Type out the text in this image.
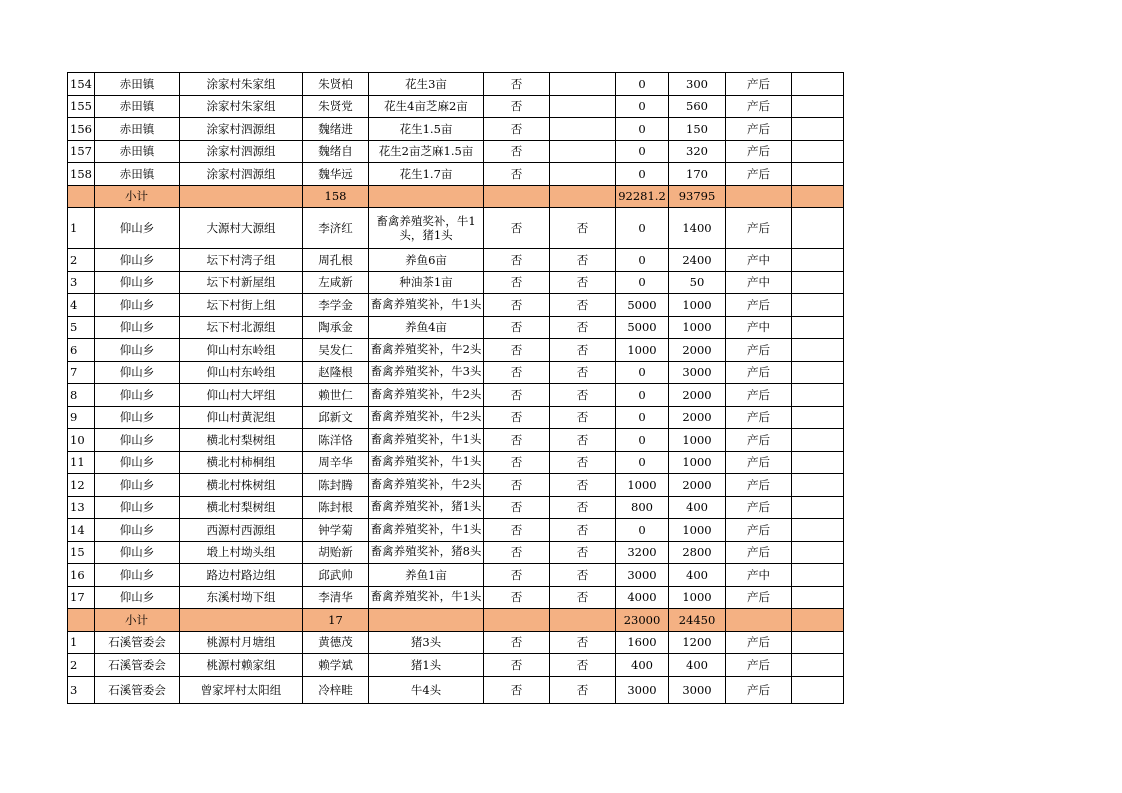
154	赤田镇	涂家村朱家组	朱贤柏	花生3亩	否		0	300	产后	
155	赤田镇	涂家村朱家组	朱贤党	花生4亩芝麻2亩	否		0	560	产后	
156	赤田镇	涂家村泗源组	魏绪进	花生1.5亩	否		0	150	产后	
157	赤田镇	涂家村泗源组	魏绪自	花生2亩芝麻1.5亩	否		0	320	产后	
158	赤田镇	涂家村泗源组	魏华远	花生1.7亩	否		0	170	产后	
	小计		158				92281.2	93795		
1	仰山乡	大源村大源组	李济红	畜禽养殖奖补，牛1头，猪1头	否	否	0	1400	产后	
2	仰山乡	坛下村湾子组	周孔根	养鱼6亩	否	否	0	2400	产中	
3	仰山乡	坛下村新屋组	左咸新	种油茶1亩	否	否	0	50	产中	
4	仰山乡	坛下村街上组	李学金	畜禽养殖奖补，牛1头	否	否	5000	1000	产后	
5	仰山乡	坛下村北源组	陶承金	养鱼4亩	否	否	5000	1000	产中	
6	仰山乡	仰山村东岭组	吴发仁	畜禽养殖奖补，牛2头	否	否	1000	2000	产后	
7	仰山乡	仰山村东岭组	赵隆根	畜禽养殖奖补，牛3头	否	否	0	3000	产后	
8	仰山乡	仰山村大坪组	赖世仁	畜禽养殖奖补，牛2头	否	否	0	2000	产后	
9	仰山乡	仰山村黄泥组	邱新文	畜禽养殖奖补，牛2头	否	否	0	2000	产后	
10	仰山乡	横北村梨树组	陈洋恪	畜禽养殖奖补，牛1头	否	否	0	1000	产后	
11	仰山乡	横北村柿桐组	周辛华	畜禽养殖奖补，牛1头	否	否	0	1000	产后	
12	仰山乡	横北村株树组	陈封腾	畜禽养殖奖补，牛2头	否	否	1000	2000	产后	
13	仰山乡	横北村梨树组	陈封根	畜禽养殖奖补，猪1头	否	否	800	400	产后	
14	仰山乡	西源村西源组	钟学菊	畜禽养殖奖补，牛1头	否	否	0	1000	产后	
15	仰山乡	塅上村坳头组	胡贻新	畜禽养殖奖补，猪8头	否	否	3200	2800	产后	
16	仰山乡	路边村路边组	邱武帅	养鱼1亩	否	否	3000	400	产中	
17	仰山乡	东溪村坳下组	李清华	畜禽养殖奖补，牛1头	否	否	4000	1000	产后	
	小计		17				23000	24450		
1	石溪管委会	桃源村月塘组	黄德茂	猪3头	否	否	1600	1200	产后	
2	石溪管委会	桃源村赖家组	赖学斌	猪1头	否	否	400	400	产后	
3	石溪管委会	曾家坪村太阳组	冷梓畦	牛4头	否	否	3000	3000	产后	
